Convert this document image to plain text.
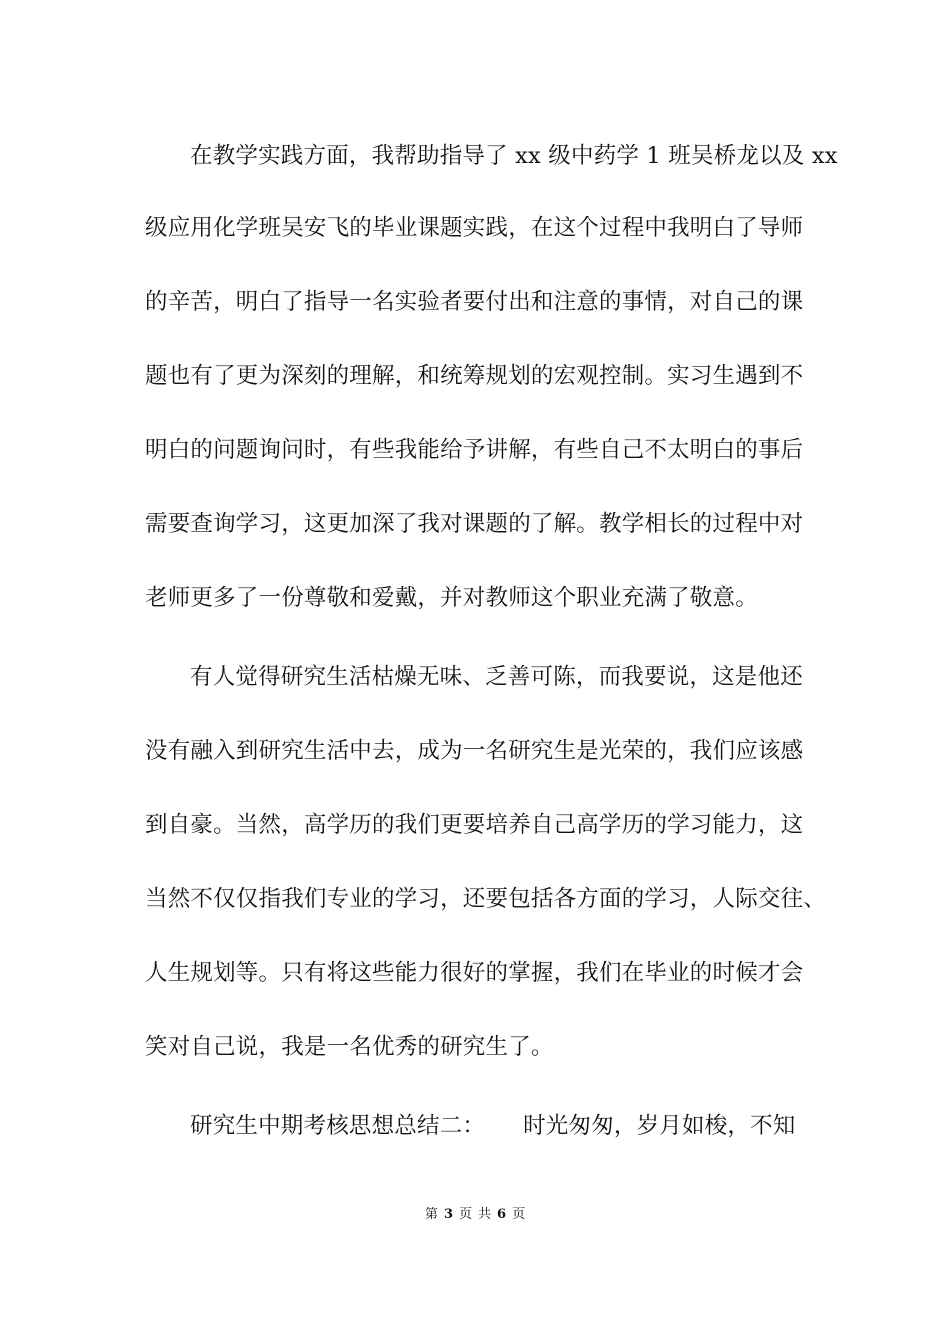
在教学实践方面，我帮助指导了 xx 级中药学 1 班吴桥龙以及 xx
级应用化学班吴安飞的毕业课题实践，在这个过程中我明白了导师
的辛苦，明白了指导一名实验者要付出和注意的事情，对自己的课
题也有了更为深刻的理解，和统筹规划的宏观控制。实习生遇到不
明白的问题询问时，有些我能给予讲解，有些自己不太明白的事后
需要查询学习，这更加深了我对课题的了解。教学相长的过程中对
老师更多了一份尊敬和爱戴，并对教师这个职业充满了敬意。
有人觉得研究生活枯燥无味、乏善可陈，而我要说，这是他还
没有融入到研究生活中去，成为一名研究生是光荣的，我们应该感
到自豪。当然，高学历的我们更要培养自己高学历的学习能力，这
当然不仅仅指我们专业的学习，还要包括各方面的学习，人际交往、
人生规划等。只有将这些能力很好的掌握，我们在毕业的时候才会
笑对自己说，我是一名优秀的研究生了。
研究生中期考核思想总结二： 时光匆匆，岁月如梭，不知
第 3 页 共 6 页
